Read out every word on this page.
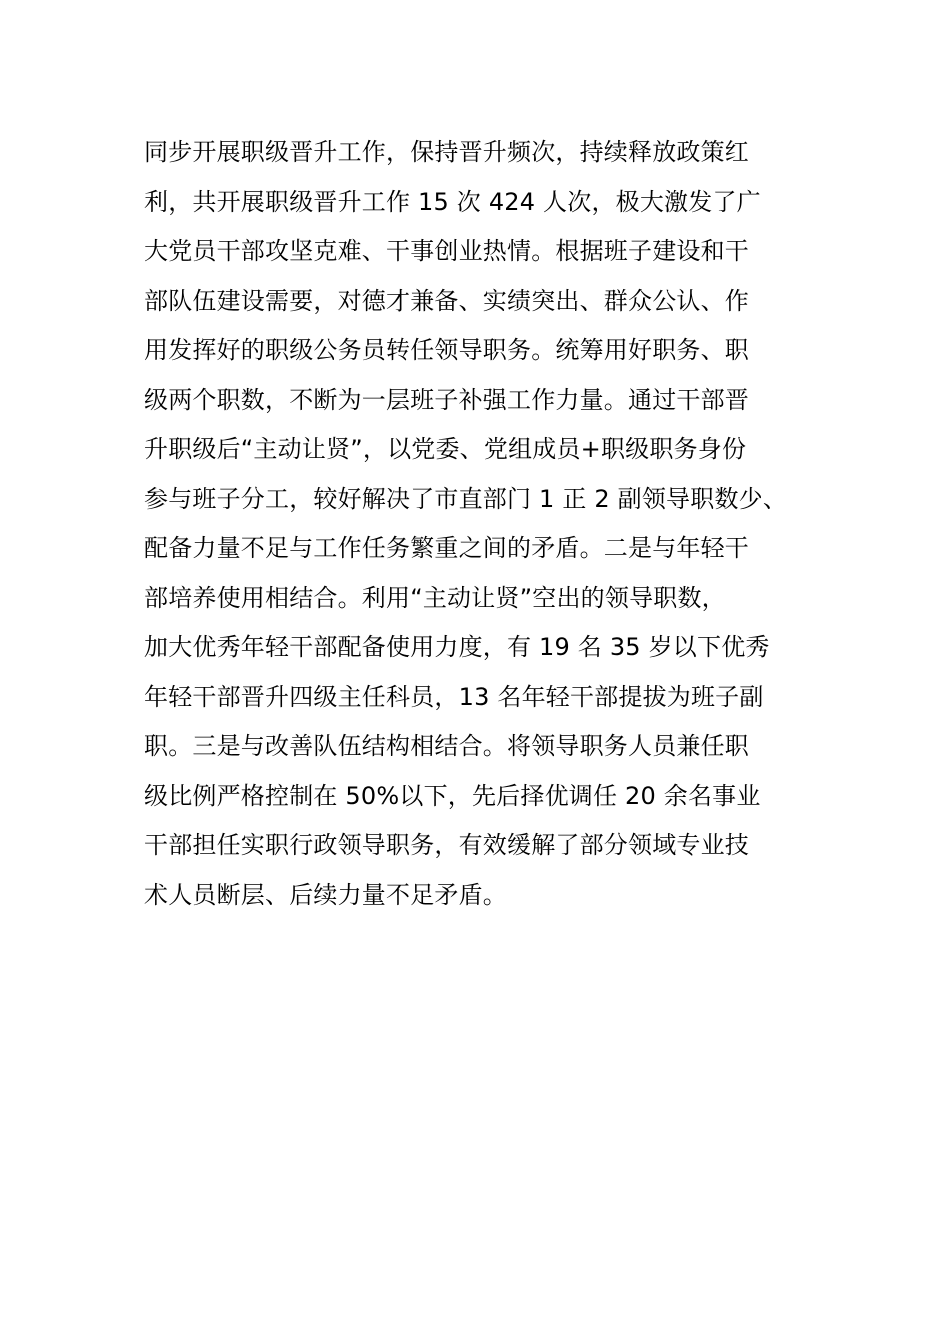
同步开展职级晋升工作，保持晋升频次，持续释放政策红
利，共开展职级晋升工作 15 次 424 人次，极大激发了广
大党员干部攻坚克难、干事创业热情。根据班子建设和干
部队伍建设需要，对德才兼备、实绩突出、群众公认、作
用发挥好的职级公务员转任领导职务。统筹用好职务、职
级两个职数，不断为一层班子补强工作力量。通过干部晋
升职级后“主动让贤”，以党委、党组成员+职级职务身份
参与班子分工，较好解决了市直部门 1 正 2 副领导职数少、
配备力量不足与工作任务繁重之间的矛盾。二是与年轻干
部培养使用相结合。利用“主动让贤”空出的领导职数，
加大优秀年轻干部配备使用力度，有 19 名 35 岁以下优秀
年轻干部晋升四级主任科员，13 名年轻干部提拔为班子副
职。三是与改善队伍结构相结合。将领导职务人员兼任职
级比例严格控制在 50%以下，先后择优调任 20 余名事业
干部担任实职行政领导职务，有效缓解了部分领域专业技
术人员断层、后续力量不足矛盾。
